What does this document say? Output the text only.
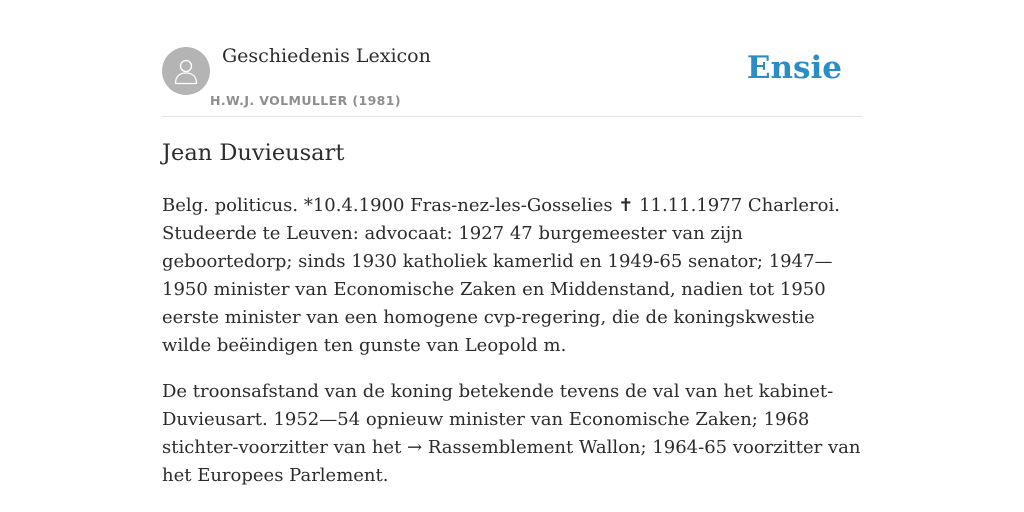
Geschiedenis Lexicon
H.W.J. VOLMULLER (1981)
Ensie
Jean Duvieusart

Belg. politicus. *10.4.1900 Fras-nez-les-Gosselies ✝ 11.11.1977 Charleroi. Studeerde te Leuven: advocaat: 1927 47 burgemeester van zijn geboortedorp; sinds 1930 katholiek kamerlid en 1949-65 senator; 1947—1950 minister van Economische Zaken en Middenstand, nadien tot 1950 eerste minister van een homogene cvp-regering, die de koningskwestie wilde beëindigen ten gunste van Leopold m.

De troonsafstand van de koning betekende tevens de val van het kabinet-Duvieusart. 1952—54 opnieuw minister van Economische Zaken; 1968 stichter-voorzitter van het → Rassemblement Wallon; 1964-65 voorzitter van het Europees Parlement.
